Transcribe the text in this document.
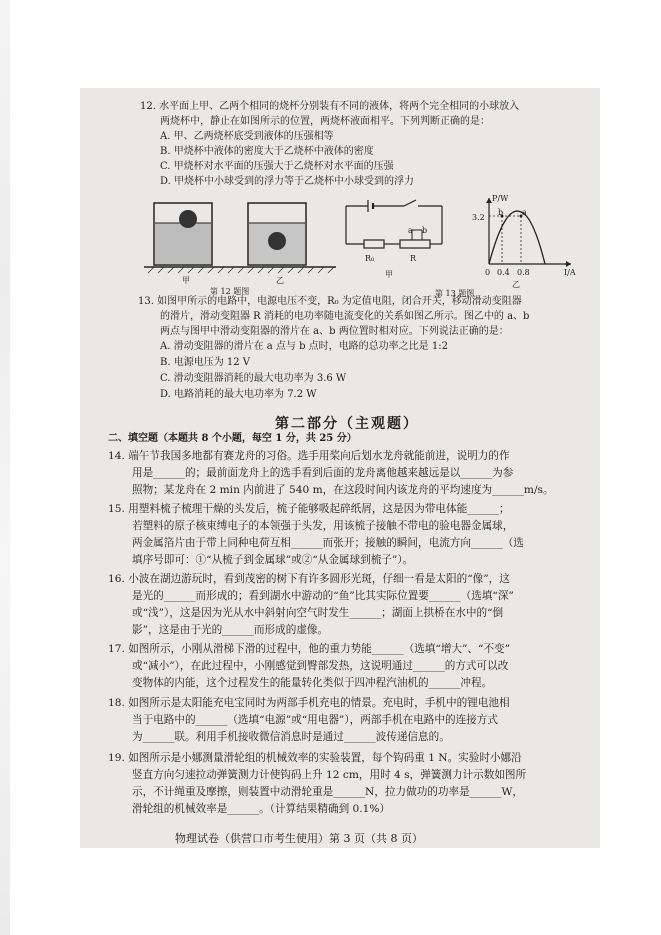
12. 水平面上甲、乙两个相同的烧杯分别装有不同的液体，将两个完全相同的小球放入
两烧杯中，静止在如图所示的位置，两烧杯液面相平。下列判断正确的是：
A. 甲、乙两烧杯底受到液体的压强相等
B. 甲烧杯中液体的密度大于乙烧杯中液体的密度
C. 甲烧杯对水平面的压强大于乙烧杯对水平面的压强
D. 甲烧杯中小球受到的浮力等于乙烧杯中小球受到的浮力
甲	乙
第 12 题图
R₀	R
a b
甲
P/W
I/A
3.2
0 0.4 0.8
b a
乙
第 13 题图
13. 如图甲所示的电路中，电源电压不变，R₀ 为定值电阻，闭合开关，移动滑动变阻器
的滑片，滑动变阻器 R 消耗的电功率随电流变化的关系如图乙所示。图乙中的 a、b
两点与图甲中滑动变阻器的滑片在 a、b 两位置时相对应。下列说法正确的是：
A. 滑动变阻器的滑片在 a 点与 b 点时，电路的总功率之比是 1:2
B. 电源电压为 12 V
C. 滑动变阻器消耗的最大电功率为 3.6 W
D. 电路消耗的最大电功率为 7.2 W
第二部分（主观题）
二、填空题（本题共 8 个小题，每空 1 分，共 25 分）
14. 端午节我国多地都有赛龙舟的习俗。选手用桨向后划水龙舟就能前进，说明力的作
用是______的；最前面龙舟上的选手看到后面的龙舟离他越来越远是以______为参
照物；某龙舟在 2 min 内前进了 540 m，在这段时间内该龙舟的平均速度为______m/s。
15. 用塑料梳子梳理干燥的头发后，梳子能够吸起碎纸屑，这是因为带电体能______；
若塑料的原子核束缚电子的本领强于头发，用该梳子接触不带电的验电器金属球，
两金属箔片由于带上同种电荷互相______而张开；接触的瞬间，电流方向______（选
填序号即可：①“从梳子到金属球”或②“从金属球到梳子”）。
16. 小波在湖边游玩时，看到茂密的树下有许多圆形光斑，仔细一看是太阳的“像”，这
是光的______而形成的；看到湖水中游动的“鱼”比其实际位置要______（选填“深”
或“浅”），这是因为光从水中斜射向空气时发生______；湖面上拱桥在水中的“倒
影”，这是由于光的______而形成的虚像。
17. 如图所示，小刚从滑梯下滑的过程中，他的重力势能______（选填“增大”、“不变”
或“减小”），在此过程中，小刚感觉到臀部发热，这说明通过______的方式可以改
变物体的内能，这个过程发生的能量转化类似于四冲程汽油机的______冲程。
18. 如图所示是太阳能充电宝同时为两部手机充电的情景。充电时，手机中的锂电池相
当于电路中的______（选填“电源”或“用电器”），两部手机在电路中的连接方式
为______联。利用手机接收微信消息时是通过______波传递信息的。
19. 如图所示是小娜测量滑轮组的机械效率的实验装置，每个钩码重 1 N。实验时小娜沿
竖直方向匀速拉动弹簧测力计使钩码上升 12 cm，用时 4 s，弹簧测力计示数如图所
示，不计绳重及摩擦，则装置中动滑轮重是______N，拉力做功的功率是______W，
滑轮组的机械效率是______。（计算结果精确到 0.1%）
物理试卷（供营口市考生使用）第 3 页（共 8 页）
